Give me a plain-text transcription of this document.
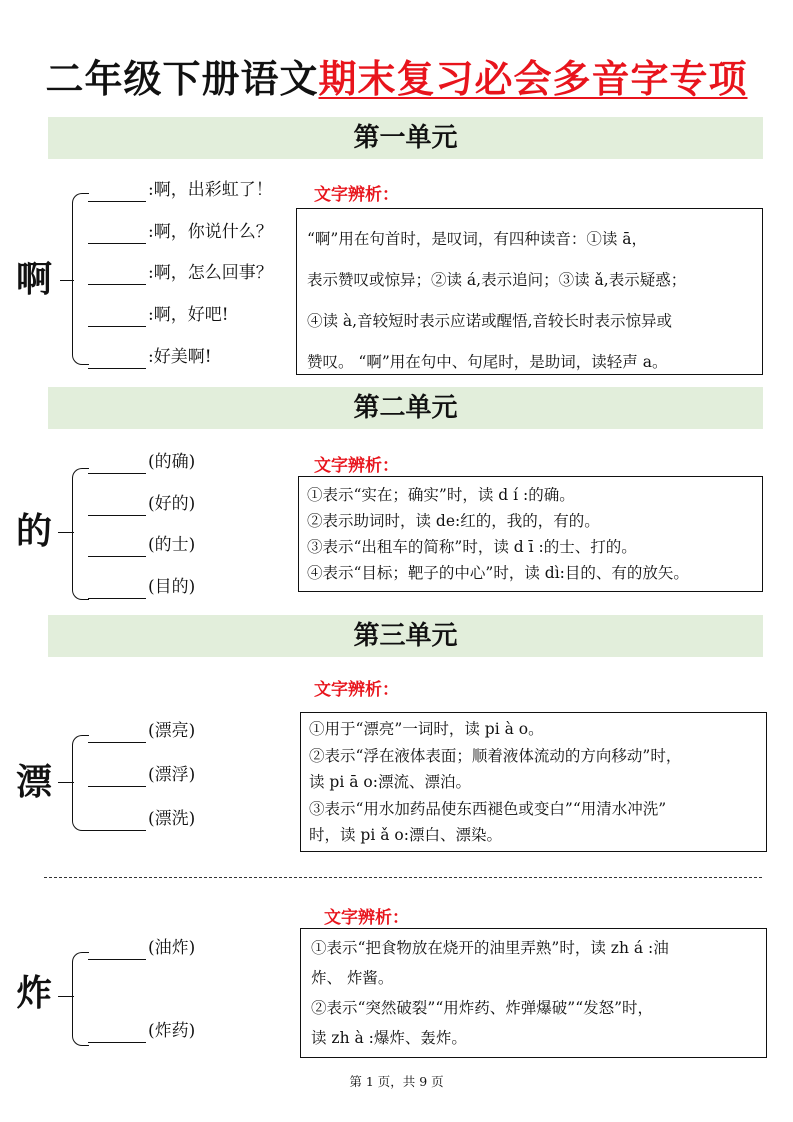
二年级下册语文期末复习必会多音字专项
第一单元
啊
:啊，出彩虹了！
:啊，你说什么？
:啊，怎么回事？
:啊，好吧!
:好美啊!
文字辨析：

“啊”用在句首时，是叹词，有四种读音：①读 ā，

表示赞叹或惊异；②读 á,表示追问；③读 ǎ,表示疑惑；

④读 à,音较短时表示应诺或醒悟,音较长时表示惊异或

赞叹。 “啊”用在句中、句尾时，是助词，读轻声 a。

第二单元
的
(的确)
(好的)
(的士)
(目的)
文字辨析：

①表示“实在；确实”时，读 d í :的确。

②表示助词时，读 de:红的，我的，有的。

③表示“出租车的简称”时，读 d ī :的士、打的。

④表示“目标；靶子的中心”时，读 dì:目的、有的放矢。

第三单元
文字辨析：
漂
(漂亮)
(漂浮)
(漂洗)

①用于“漂亮”一词时，读 pi à o。

②表示“浮在液体表面；顺着液体流动的方向移动”时，

读 pi ā o:漂流、漂泊。

③表示“用水加药品使东西褪色或变白”“用清水冲洗”

时，读 pi ǎ o:漂白、漂染。

文字辨析：
炸
(油炸)
(炸药)

①表示“把食物放在烧开的油里弄熟”时，读 zh á :油

炸、 炸酱。

②表示“突然破裂”“用炸药、炸弹爆破”“发怒”时，

读 zh à :爆炸、轰炸。

第 1 页，共 9 页
